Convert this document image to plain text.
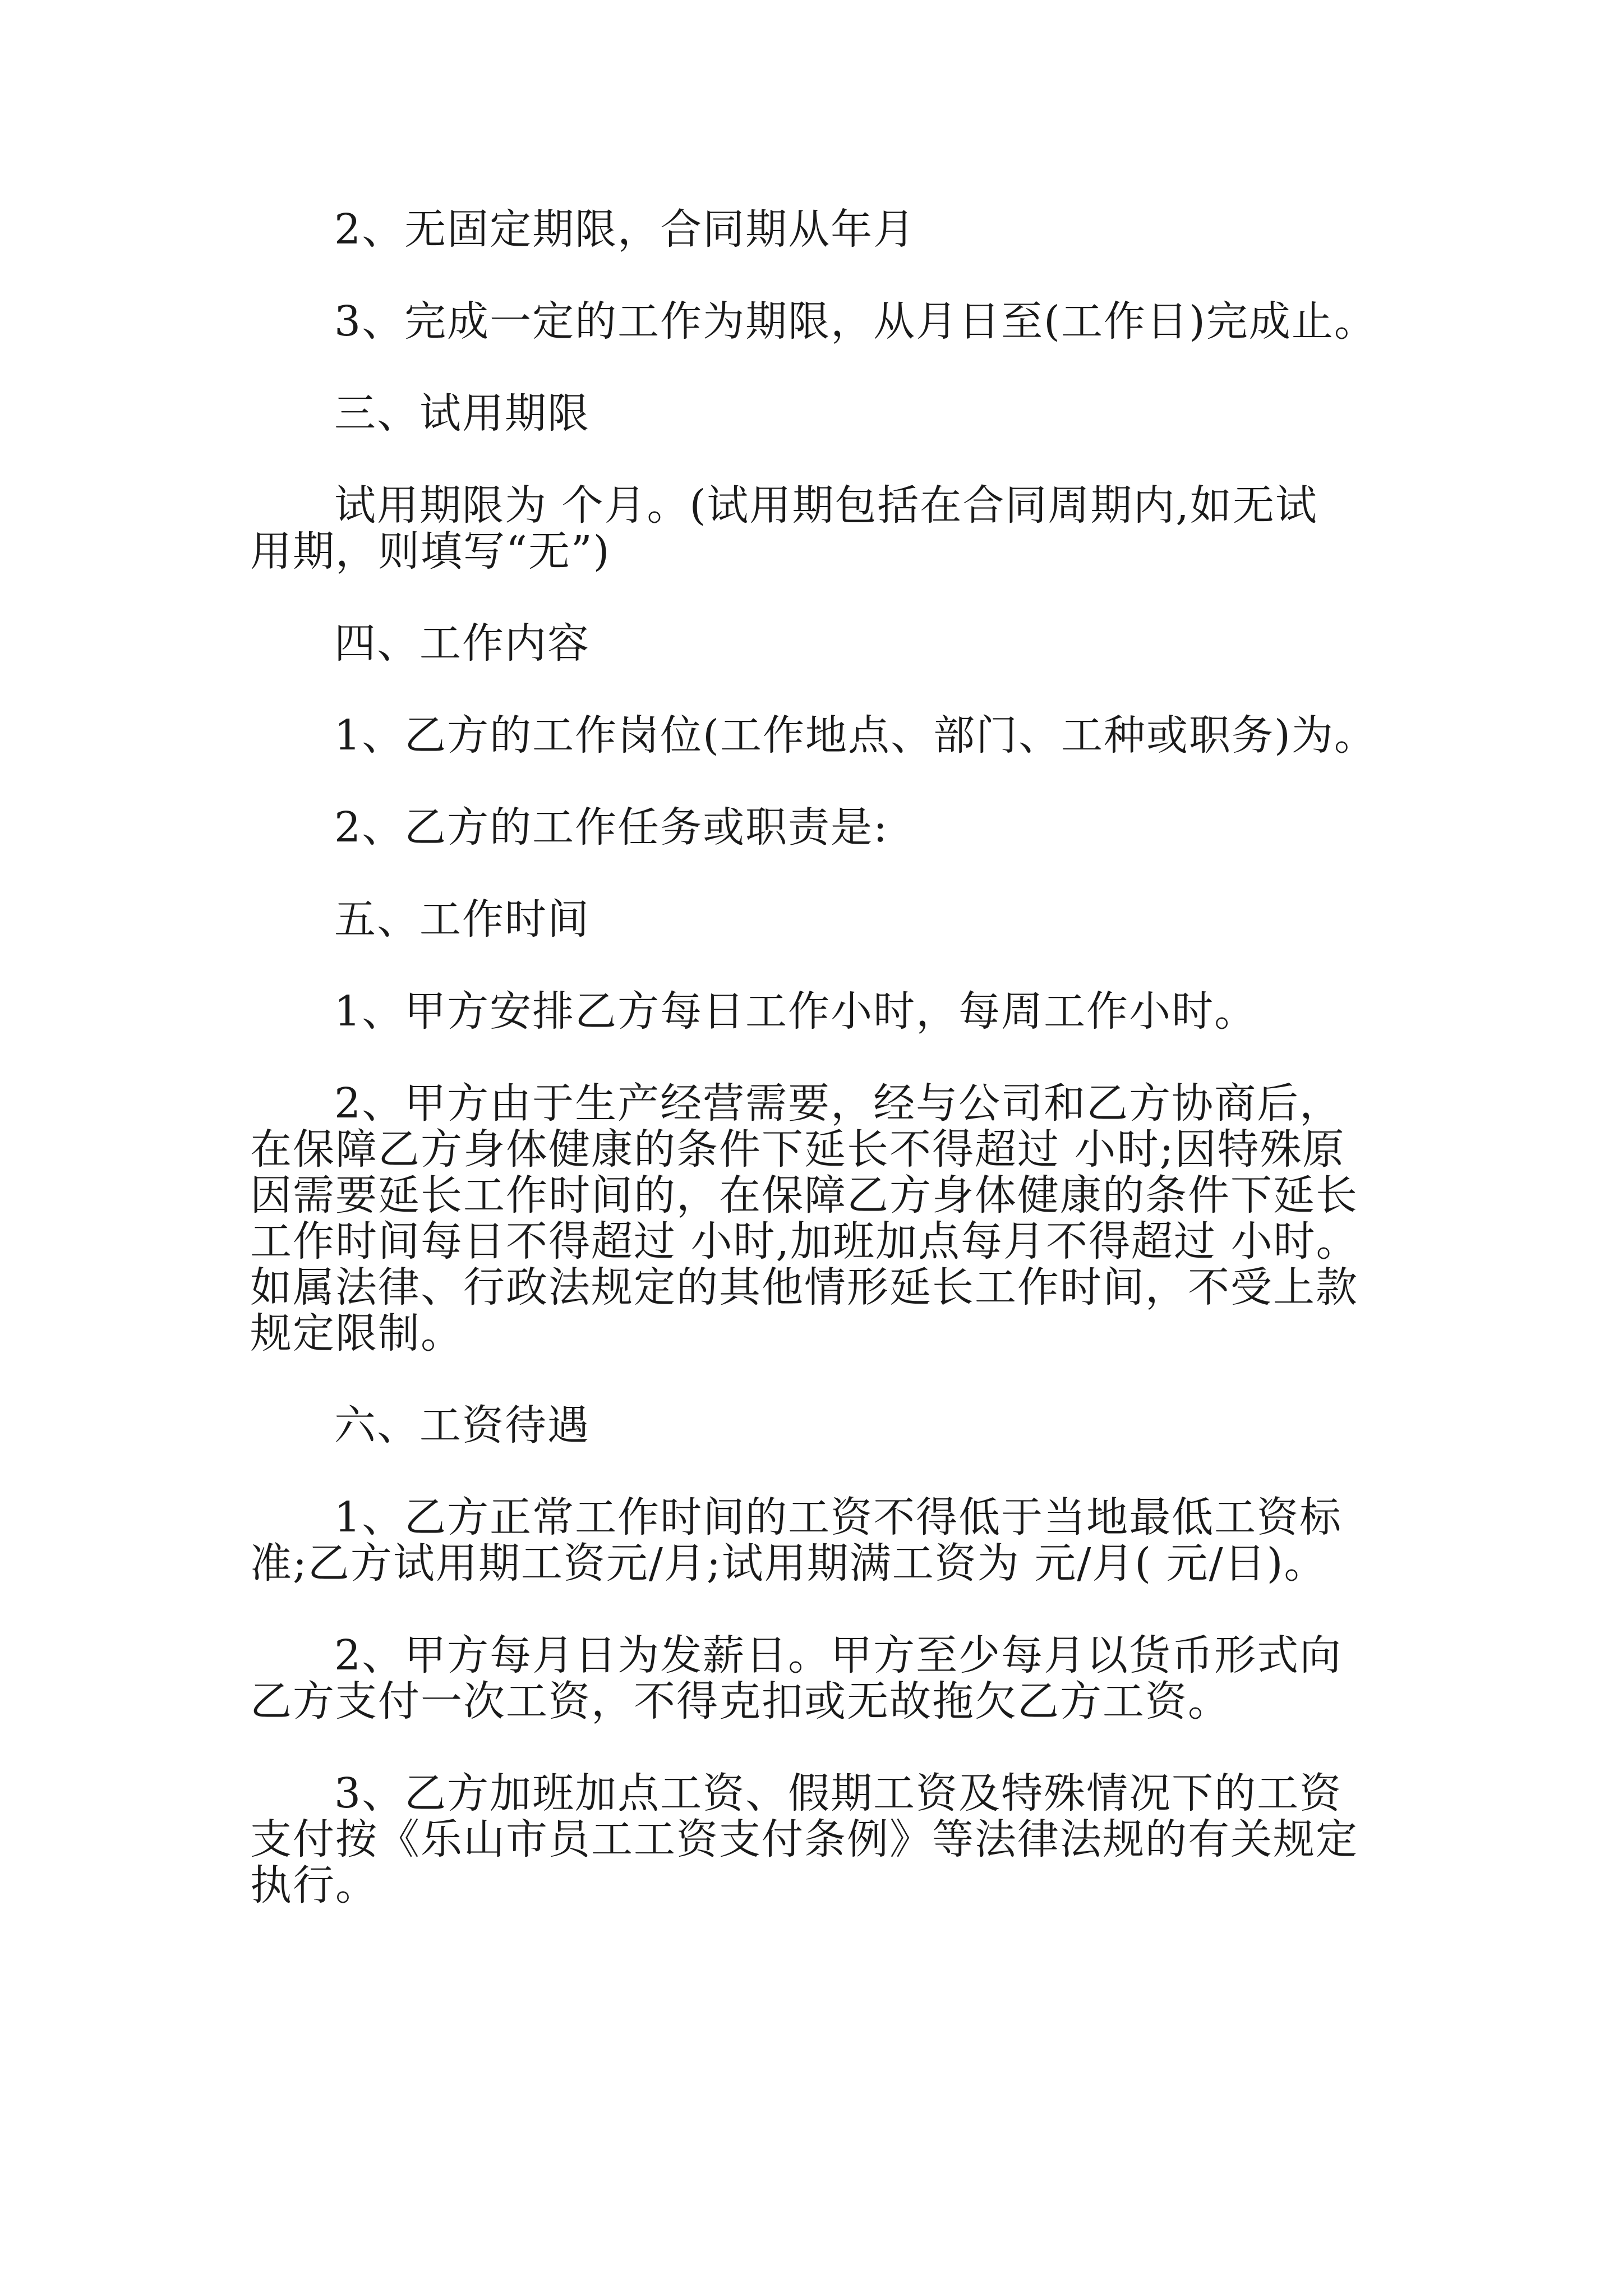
2、无固定期限，合同期从年月
3、完成一定的工作为期限，从月日至(工作日)完成止。
三、试用期限
试用期限为 个月。(试用期包括在合同周期内,如无试
用期，则填写“无”)
四、工作内容
1、乙方的工作岗位(工作地点、部门、工种或职务)为。
2、乙方的工作任务或职责是:
五、工作时间
1、甲方安排乙方每日工作小时，每周工作小时。
2、甲方由于生产经营需要，经与公司和乙方协商后，
在保障乙方身体健康的条件下延长不得超过 小时;因特殊原
因需要延长工作时间的，在保障乙方身体健康的条件下延长
工作时间每日不得超过 小时,加班加点每月不得超过 小时。
如属法律、行政法规定的其他情形延长工作时间，不受上款
规定限制。
六、工资待遇
1、乙方正常工作时间的工资不得低于当地最低工资标
准;乙方试用期工资元/月;试用期满工资为 元/月( 元/日)。
2、甲方每月日为发薪日。甲方至少每月以货币形式向
乙方支付一次工资，不得克扣或无故拖欠乙方工资。
3、乙方加班加点工资、假期工资及特殊情况下的工资
支付按《乐山市员工工资支付条例》等法律法规的有关规定
执行。
